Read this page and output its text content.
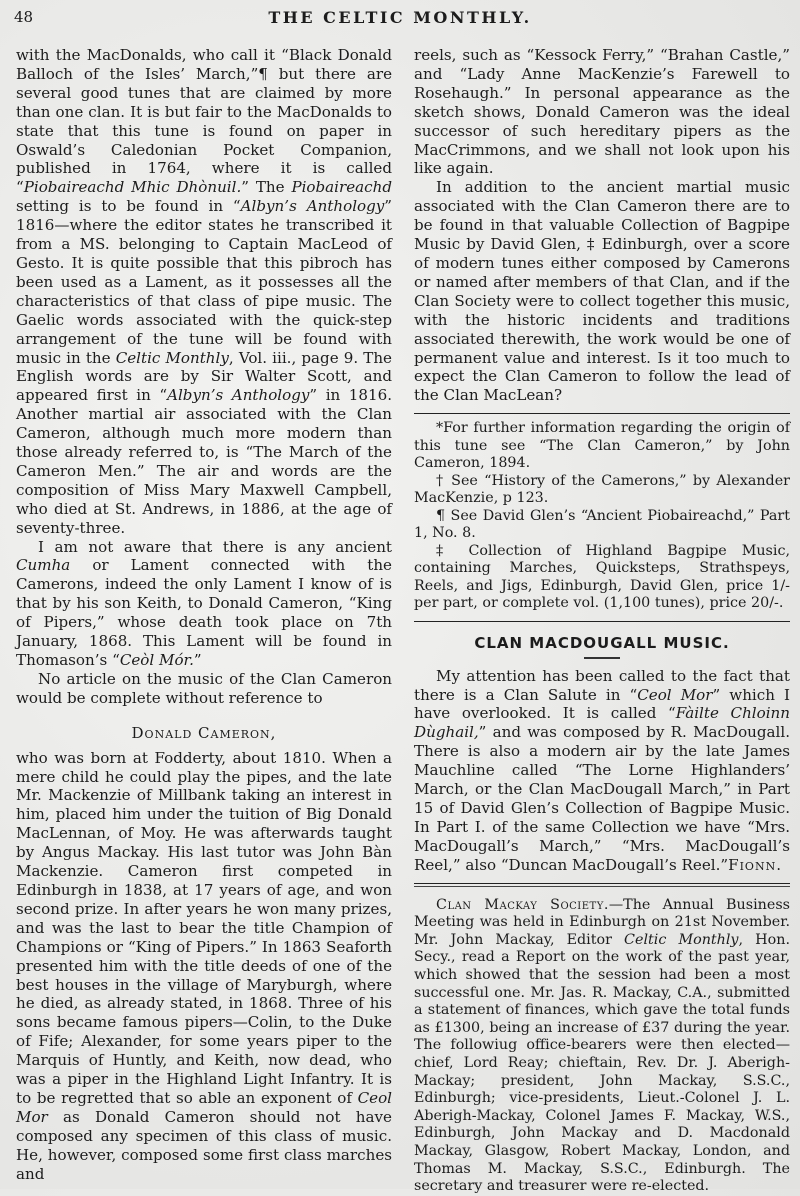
48	THE CELTIC MONTHLY.

with the MacDonalds, who call it “Black Donald Balloch of the Isles’ March,”¶ but there are several good tunes that are claimed by more than one clan. It is but fair to the MacDonalds to state that this tune is found on paper in Oswald’s Caledonian Pocket Companion, published in 1764, where it is called “Piobaireachd Mhic Dhònuil.” The Piobaireachd setting is to be found in “Albyn’s Anthology” 1816—where the editor states he transcribed it from a MS. belonging to Captain MacLeod of Gesto. It is quite possible that this pibroch has been used as a Lament, as it possesses all the characteristics of that class of pipe music. The Gaelic words associated with the quick-step arrangement of the tune will be found with music in the Celtic Monthly, Vol. iii., page 9. The English words are by Sir Walter Scott, and appeared first in “Albyn’s Anthology” in 1816. Another martial air associated with the Clan Cameron, although much more modern than those already referred to, is “The March of the Cameron Men.” The air and words are the composition of Miss Mary Maxwell Campbell, who died at St. Andrews, in 1886, at the age of seventy-three.

I am not aware that there is any ancient Cumha or Lament connected with the Camerons, indeed the only Lament I know of is that by his son Keith, to Donald Cameron, “King of Pipers,” whose death took place on 7th January, 1868. This Lament will be found in Thomason’s “Ceòl Mór.”

No article on the music of the Clan Cameron would be complete without reference to

Donald Cameron,

who was born at Fodderty, about 1810. When a mere child he could play the pipes, and the late Mr. Mackenzie of Millbank taking an interest in him, placed him under the tuition of Big Donald MacLennan, of Moy. He was afterwards taught by Angus Mackay. His last tutor was John Bàn Mackenzie. Cameron first competed in Edinburgh in 1838, at 17 years of age, and won second prize. In after years he won many prizes, and was the last to bear the title Champion of Champions or “King of Pipers.” In 1863 Seaforth presented him with the title deeds of one of the best houses in the village of Maryburgh, where he died, as already stated, in 1868. Three of his sons became famous pipers—Colin, to the Duke of Fife; Alexander, for some years piper to the Marquis of Huntly, and Keith, now dead, who was a piper in the Highland Light Infantry. It is to be regretted that so able an exponent of Ceol Mor as Donald Cameron should not have composed any specimen of this class of music. He, however, composed some first class marches and

reels, such as “Kessock Ferry,” “Brahan Castle,” and “Lady Anne MacKenzie’s Farewell to Rosehaugh.” In personal appearance as the sketch shows, Donald Cameron was the ideal successor of such hereditary pipers as the MacCrimmons, and we shall not look upon his like again.

In addition to the ancient martial music associated with the Clan Cameron there are to be found in that valuable Collection of Bagpipe Music by David Glen, ‡ Edinburgh, over a score of modern tunes either composed by Camerons or named after members of that Clan, and if the Clan Society were to collect together this music, with the historic incidents and traditions associated therewith, the work would be one of permanent value and interest. Is it too much to expect the Clan Cameron to follow the lead of the Clan MacLean?

*For further information regarding the origin of this tune see “The Clan Cameron,” by John Cameron, 1894.

† See “History of the Camerons,” by Alexander MacKenzie, p 123.

¶ See David Glen’s “Ancient Piobaireachd,” Part 1, No. 8.

‡ Collection of Highland Bagpipe Music, containing Marches, Quicksteps, Strathspeys, Reels, and Jigs, Edinburgh, David Glen, price 1/- per part, or complete vol. (1,100 tunes), price 20/-.

CLAN MACDOUGALL MUSIC.

My attention has been called to the fact that there is a Clan Salute in “Ceol Mor” which I have overlooked. It is called “Fàilte Chloinn Dùghail,” and was composed by R. MacDougall. There is also a modern air by the late James Mauchline called “The Lorne Highlanders’ March, or the Clan MacDougall March,” in Part 15 of David Glen’s Collection of Bagpipe Music. In Part I. of the same Collection we have “Mrs. MacDougall’s March,” “Mrs. MacDougall’s Reel,” also “Duncan MacDougall’s Reel.” Fionn.

Clan Mackay Society.—The Annual Business Meeting was held in Edinburgh on 21st November. Mr. John Mackay, Editor Celtic Monthly, Hon. Secy., read a Report on the work of the past year, which showed that the session had been a most successful one. Mr. Jas. R. Mackay, C.A., submitted a statement of finances, which gave the total funds as £1300, being an increase of £37 during the year. The followiug office-bearers were then elected—chief, Lord Reay; chieftain, Rev. Dr. J. Aberigh-Mackay; president, John Mackay, S.S.C., Edinburgh; vice-presidents, Lieut.-Colonel J. L. Aberigh-Mackay, Colonel James F. Mackay, W.S., Edinburgh, John Mackay and D. Macdonald Mackay, Glasgow, Robert Mackay, London, and Thomas M. Mackay, S.S.C., Edinburgh. The secretary and treasurer were re-elected.
